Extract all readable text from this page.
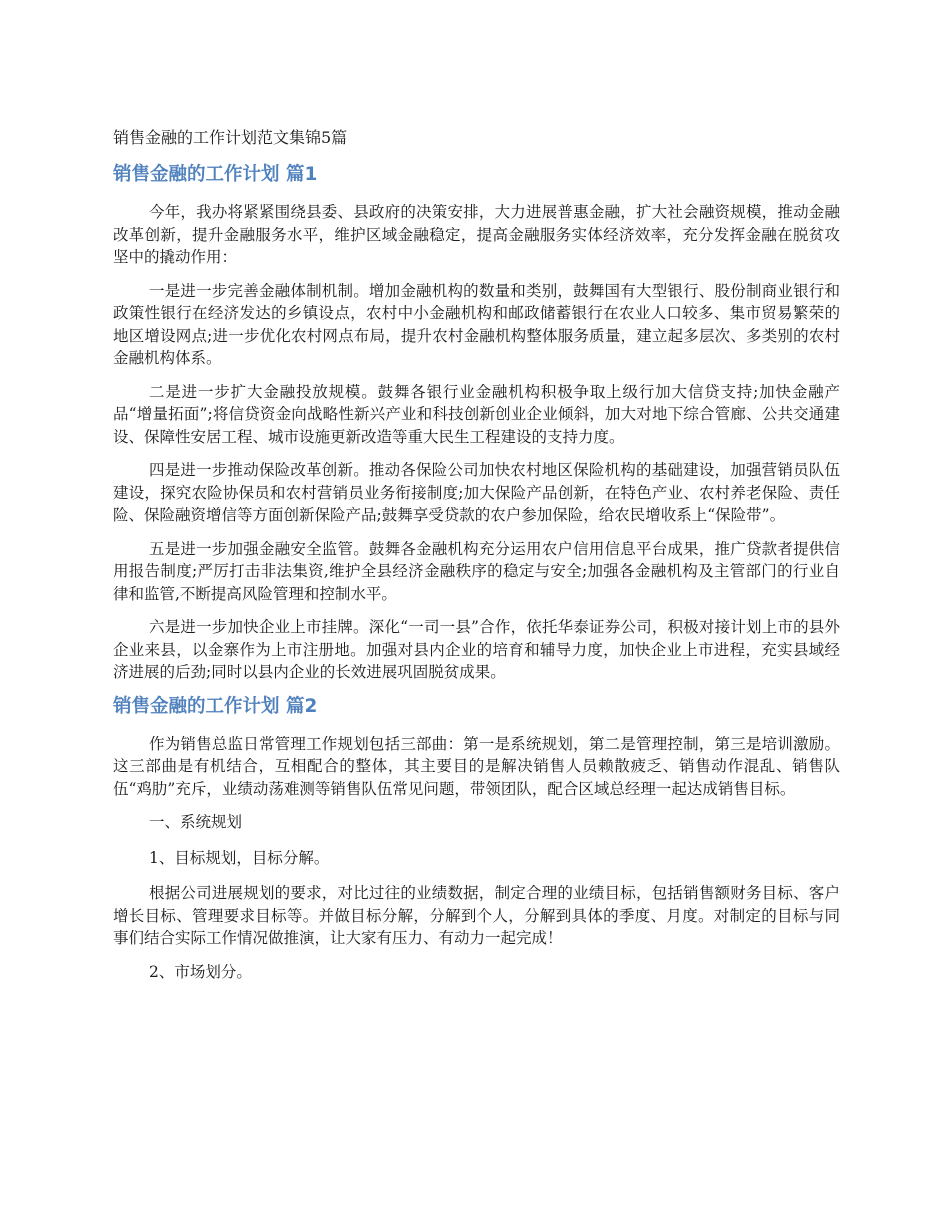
销售金融的工作计划范文集锦5篇
销售金融的工作计划 篇1

今年，我办将紧紧围绕县委、县政府的决策安排，大力进展普惠金融，扩大社会融资规模，推动金融改革创新，提升金融服务水平，维护区域金融稳定，提高金融服务实体经济效率，充分发挥金融在脱贫攻坚中的撬动作用：

一是进一步完善金融体制机制。增加金融机构的数量和类别，鼓舞国有大型银行、股份制商业银行和政策性银行在经济发达的乡镇设点，农村中小金融机构和邮政储蓄银行在农业人口较多、集市贸易繁荣的地区增设网点;进一步优化农村网点布局，提升农村金融机构整体服务质量，建立起多层次、多类别的农村金融机构体系。

二是进一步扩大金融投放规模。鼓舞各银行业金融机构积极争取上级行加大信贷支持;加快金融产品“增量拓面”;将信贷资金向战略性新兴产业和科技创新创业企业倾斜，加大对地下综合管廊、公共交通建设、保障性安居工程、城市设施更新改造等重大民生工程建设的支持力度。

四是进一步推动保险改革创新。推动各保险公司加快农村地区保险机构的基础建设，加强营销员队伍建设，探究农险协保员和农村营销员业务衔接制度;加大保险产品创新，在特色产业、农村养老保险、责任险、保险融资增信等方面创新保险产品;鼓舞享受贷款的农户参加保险，给农民增收系上“保险带”。

五是进一步加强金融安全监管。鼓舞各金融机构充分运用农户信用信息平台成果，推广贷款者提供信用报告制度;严厉打击非法集资,维护全县经济金融秩序的稳定与安全;加强各金融机构及主管部门的行业自律和监管,不断提高风险管理和控制水平。

六是进一步加快企业上市挂牌。深化“一司一县”合作，依托华泰证券公司，积极对接计划上市的县外企业来县，以金寨作为上市注册地。加强对县内企业的培育和辅导力度，加快企业上市进程，充实县域经济进展的后劲;同时以县内企业的长效进展巩固脱贫成果。

销售金融的工作计划 篇2

作为销售总监日常管理工作规划包括三部曲：第一是系统规划，第二是管理控制，第三是培训激励。这三部曲是有机结合，互相配合的整体，其主要目的是解决销售人员赖散疲乏、销售动作混乱、销售队伍“鸡肋”充斥，业绩动荡难测等销售队伍常见问题，带领团队，配合区域总经理一起达成销售目标。

一、系统规划

1、目标规划，目标分解。

根据公司进展规划的要求，对比过往的业绩数据，制定合理的业绩目标，包括销售额财务目标、客户增长目标、管理要求目标等。并做目标分解，分解到个人，分解到具体的季度、月度。对制定的目标与同事们结合实际工作情况做推演，让大家有压力、有动力一起完成！

2、市场划分。
